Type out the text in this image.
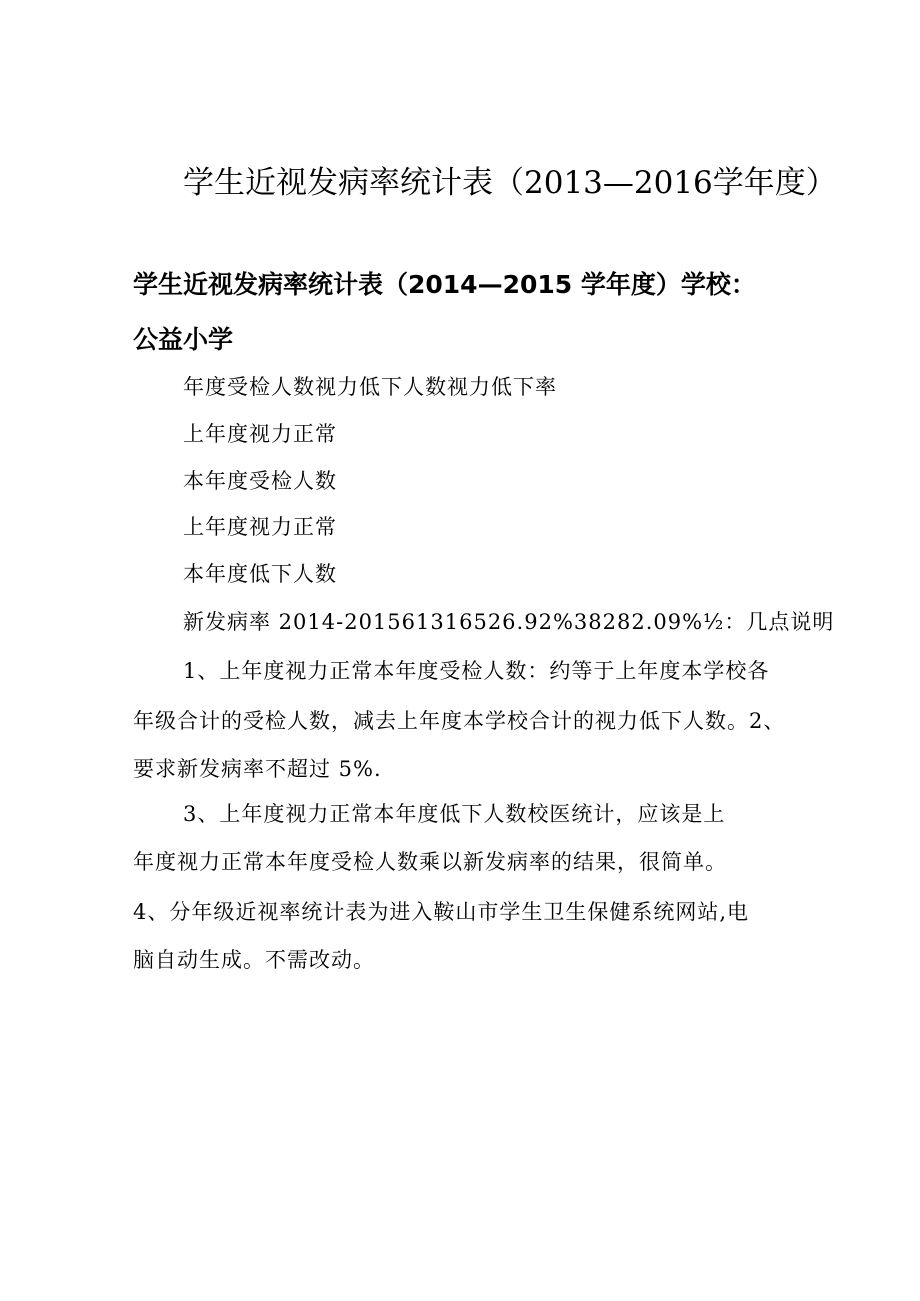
学生近视发病率统计表（2013—2016学年度）
学生近视发病率统计表（2014—2015 学年度）学校：
公益小学

年度受检人数视力低下人数视力低下率

上年度视力正常

本年度受检人数

上年度视力正常

本年度低下人数

新发病率 2014-201561316526.92%38282.09%½：几点说明

1、上年度视力正常本年度受检人数：约等于上年度本学校各

年级合计的受检人数，减去上年度本学校合计的视力低下人数。2、

要求新发病率不超过 5%.

3、上年度视力正常本年度低下人数校医统计，应该是上

年度视力正常本年度受检人数乘以新发病率的结果，很简单。

4、分年级近视率统计表为进入鞍山市学生卫生保健系统网站,电

脑自动生成。不需改动。
